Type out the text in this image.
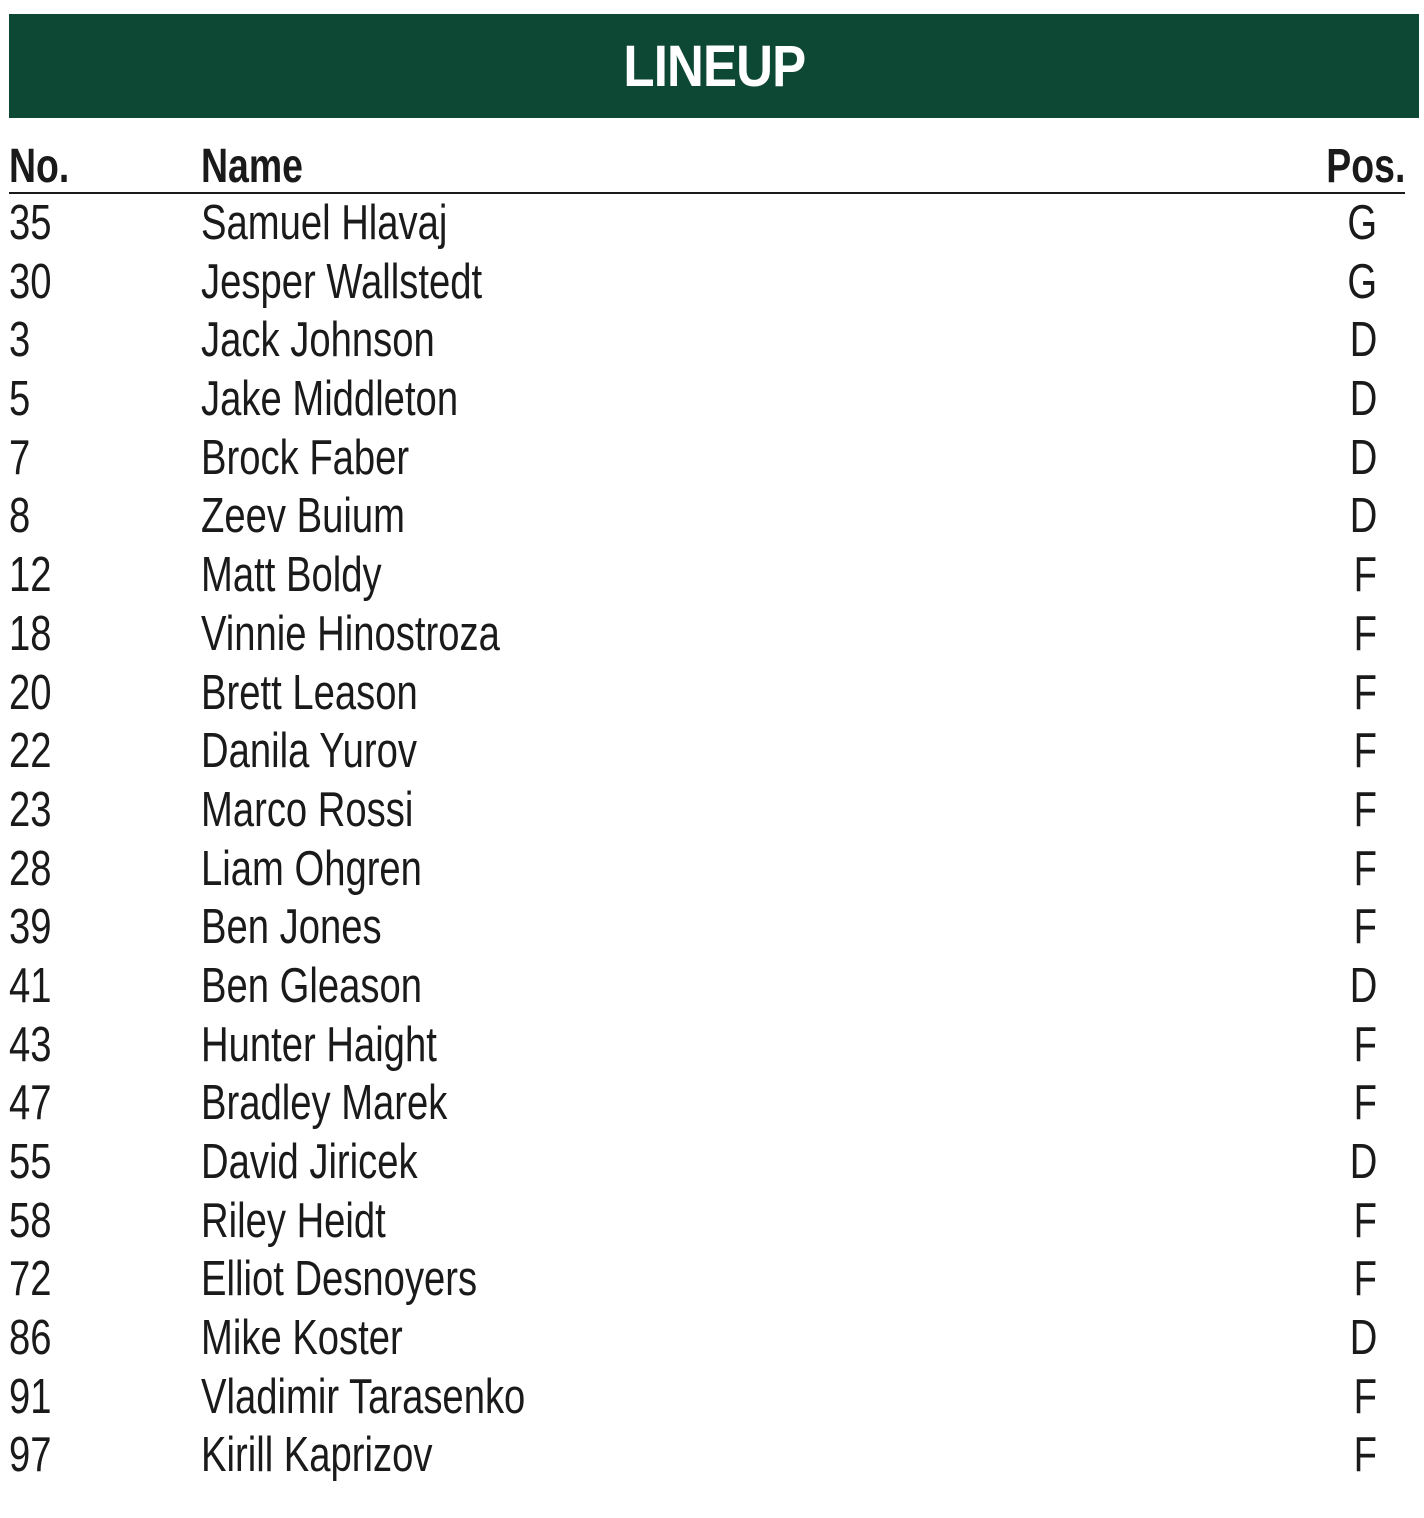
LINEUP
No.	Name	Pos.
35	Samuel Hlavaj	G
30	Jesper Wallstedt	G
3	Jack Johnson	D
5	Jake Middleton	D
7	Brock Faber	D
8	Zeev Buium	D
12	Matt Boldy	F
18	Vinnie Hinostroza	F
20	Brett Leason	F
22	Danila Yurov	F
23	Marco Rossi	F
28	Liam Ohgren	F
39	Ben Jones	F
41	Ben Gleason	D
43	Hunter Haight	F
47	Bradley Marek	F
55	David Jiricek	D
58	Riley Heidt	F
72	Elliot Desnoyers	F
86	Mike Koster	D
91	Vladimir Tarasenko	F
97	Kirill Kaprizov	F
